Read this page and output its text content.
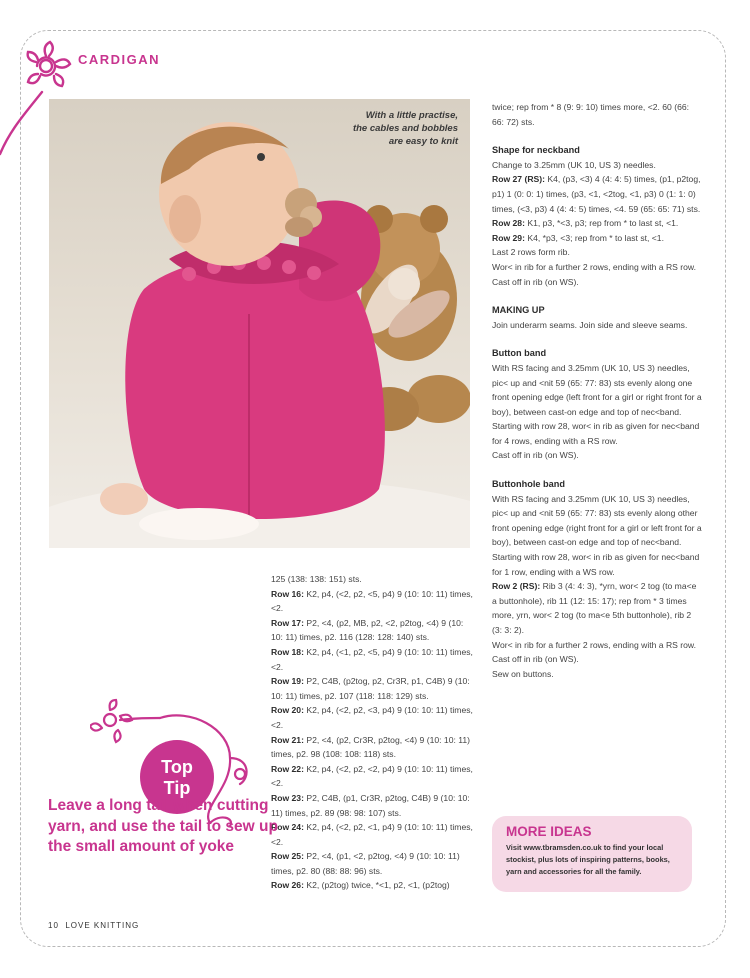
CARDIGAN
With a little practise,
the cables and bobbles
are easy to knit

125 (138: 138: 151) sts.

Row 16: K2, p4, (<2, p2, <5, p4) 9 (10: 10: 11) times, <2.

Row 17: P2, <4, (p2, MB, p2, <2, p2tog, <4) 9 (10: 10: 11) times, p2. 116 (128: 128: 140) sts.

Row 18: K2, p4, (<1, p2, <5, p4) 9 (10: 10: 11) times, <2.

Row 19: P2, C4B, (p2tog, p2, Cr3R, p1, C4B) 9 (10: 10: 11) times, p2. 107 (118: 118: 129) sts.

Row 20: K2, p4, (<2, p2, <3, p4) 9 (10: 10: 11) times, <2.

Row 21: P2, <4, (p2, Cr3R, p2tog, <4) 9 (10: 10: 11) times, p2. 98 (108: 108: 118) sts.

Row 22: K2, p4, (<2, p2, <2, p4) 9 (10: 10: 11) times, <2.

Row 23: P2, C4B, (p1, Cr3R, p2tog, C4B) 9 (10: 10: 11) times, p2. 89 (98: 98: 107) sts.

Row 24: K2, p4, (<2, p2, <1, p4) 9 (10: 10: 11) times, <2.

Row 25: P2, <4, (p1, <2, p2tog, <4) 9 (10: 10: 11) times, p2. 80 (88: 88: 96) sts.

Row 26: K2, (p2tog) twice, *<1, p2, <1, (p2tog)

twice; rep from * 8 (9: 9: 10) times more, <2. 60 (66: 66: 72) sts.

Shape for neckband

Change to 3.25mm (UK 10, US 3) needles.

Row 27 (RS): K4, (p3, <3) 4 (4: 4: 5) times, (p1, p2tog, p1) 1 (0: 0: 1) times, (p3, <1, <2tog, <1, p3) 0 (1: 1: 0) times, (<3, p3) 4 (4: 4: 5) times, <4. 59 (65: 65: 71) sts.

Row 28: K1, p3, *<3, p3; rep from * to last st, <1.

Row 29: K4, *p3, <3; rep from * to last st, <1.

Last 2 rows form rib.

Wor< in rib for a further 2 rows, ending with a RS row.

Cast off in rib (on WS).

MAKING UP

Join underarm seams. Join side and sleeve seams.

Button band

With RS facing and 3.25mm (UK 10, US 3) needles, pic< up and <nit 59 (65: 77: 83) sts evenly along one front opening edge (left front for a girl or right front for a boy), between cast-on edge and top of nec<band.

Starting with row 28, wor< in rib as given for nec<band for 4 rows, ending with a RS row.

Cast off in rib (on WS).

Buttonhole band

With RS facing and 3.25mm (UK 10, US 3) needles, pic< up and <nit 59 (65: 77: 83) sts evenly along other front opening edge (right front for a girl or left front for a boy), between cast-on edge and top of nec<band.

Starting with row 28, wor< in rib as given for nec<band for 1 row, ending with a WS row.

Row 2 (RS): Rib 3 (4: 4: 3), *yrn, wor< 2 tog (to ma<e a buttonhole), rib 11 (12: 15: 17); rep from * 3 times more, yrn, wor< 2 tog (to ma<e 5th buttonhole), rib 2 (3: 3: 2).

Wor< in rib for a further 2 rows, ending with a RS row.

Cast off in rib (on WS).

Sew on buttons.

Top
Tip
Leave a long tail when cutting yarn, and use the tail to sew up the small amount of yoke
MORE IDEAS

Visit www.tbramsden.co.uk to find your local stockist, plus lots of inspiring patterns, books, yarn and accessories for all the family.

10 LOVE KNITTING
